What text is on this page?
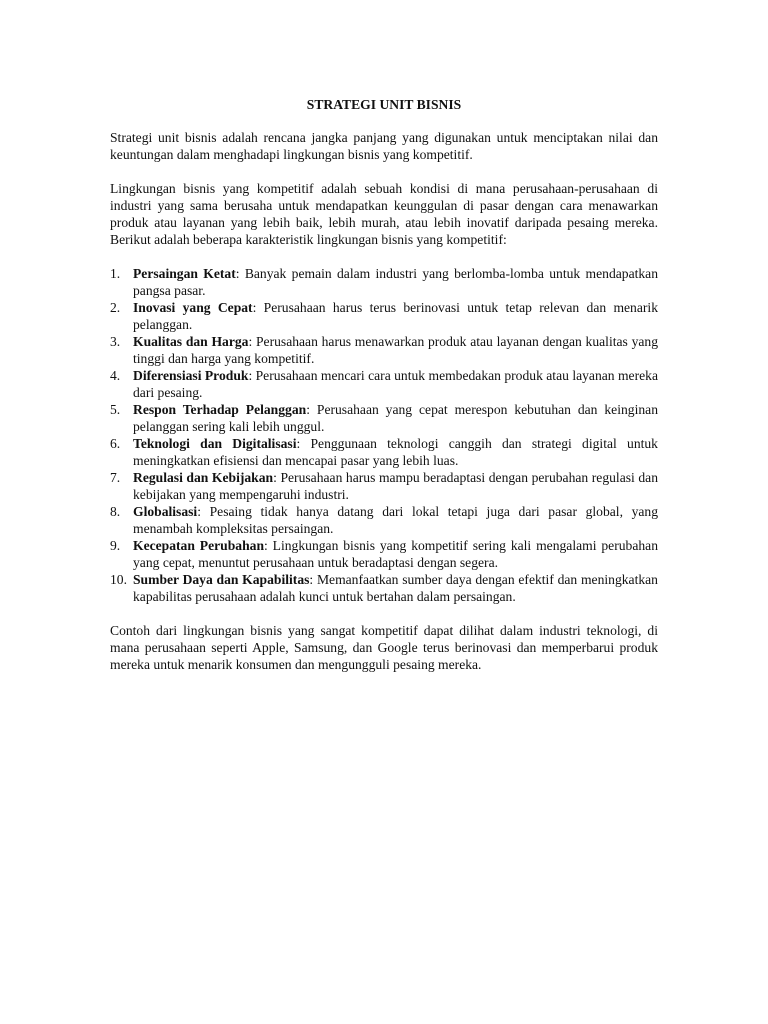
STRATEGI UNIT BISNIS

Strategi unit bisnis adalah rencana jangka panjang yang digunakan untuk menciptakan nilai dan keuntungan dalam menghadapi lingkungan bisnis yang kompetitif.

Lingkungan bisnis yang kompetitif adalah sebuah kondisi di mana perusahaan-perusahaan di industri yang sama berusaha untuk mendapatkan keunggulan di pasar dengan cara menawarkan produk atau layanan yang lebih baik, lebih murah, atau lebih inovatif daripada pesaing mereka. Berikut adalah beberapa karakteristik lingkungan bisnis yang kompetitif:

1. Persaingan Ketat: Banyak pemain dalam industri yang berlomba-lomba untuk mendapatkan pangsa pasar.
2. Inovasi yang Cepat: Perusahaan harus terus berinovasi untuk tetap relevan dan menarik pelanggan.
3. Kualitas dan Harga: Perusahaan harus menawarkan produk atau layanan dengan kualitas yang tinggi dan harga yang kompetitif.
4. Diferensiasi Produk: Perusahaan mencari cara untuk membedakan produk atau layanan mereka dari pesaing.
5. Respon Terhadap Pelanggan: Perusahaan yang cepat merespon kebutuhan dan keinginan pelanggan sering kali lebih unggul.
6. Teknologi dan Digitalisasi: Penggunaan teknologi canggih dan strategi digital untuk meningkatkan efisiensi dan mencapai pasar yang lebih luas.
7. Regulasi dan Kebijakan: Perusahaan harus mampu beradaptasi dengan perubahan regulasi dan kebijakan yang mempengaruhi industri.
8. Globalisasi: Pesaing tidak hanya datang dari lokal tetapi juga dari pasar global, yang menambah kompleksitas persaingan.
9. Kecepatan Perubahan: Lingkungan bisnis yang kompetitif sering kali mengalami perubahan yang cepat, menuntut perusahaan untuk beradaptasi dengan segera.
10. Sumber Daya dan Kapabilitas: Memanfaatkan sumber daya dengan efektif dan meningkatkan kapabilitas perusahaan adalah kunci untuk bertahan dalam persaingan.

Contoh dari lingkungan bisnis yang sangat kompetitif dapat dilihat dalam industri teknologi, di mana perusahaan seperti Apple, Samsung, dan Google terus berinovasi dan memperbarui produk mereka untuk menarik konsumen dan mengungguli pesaing mereka.
